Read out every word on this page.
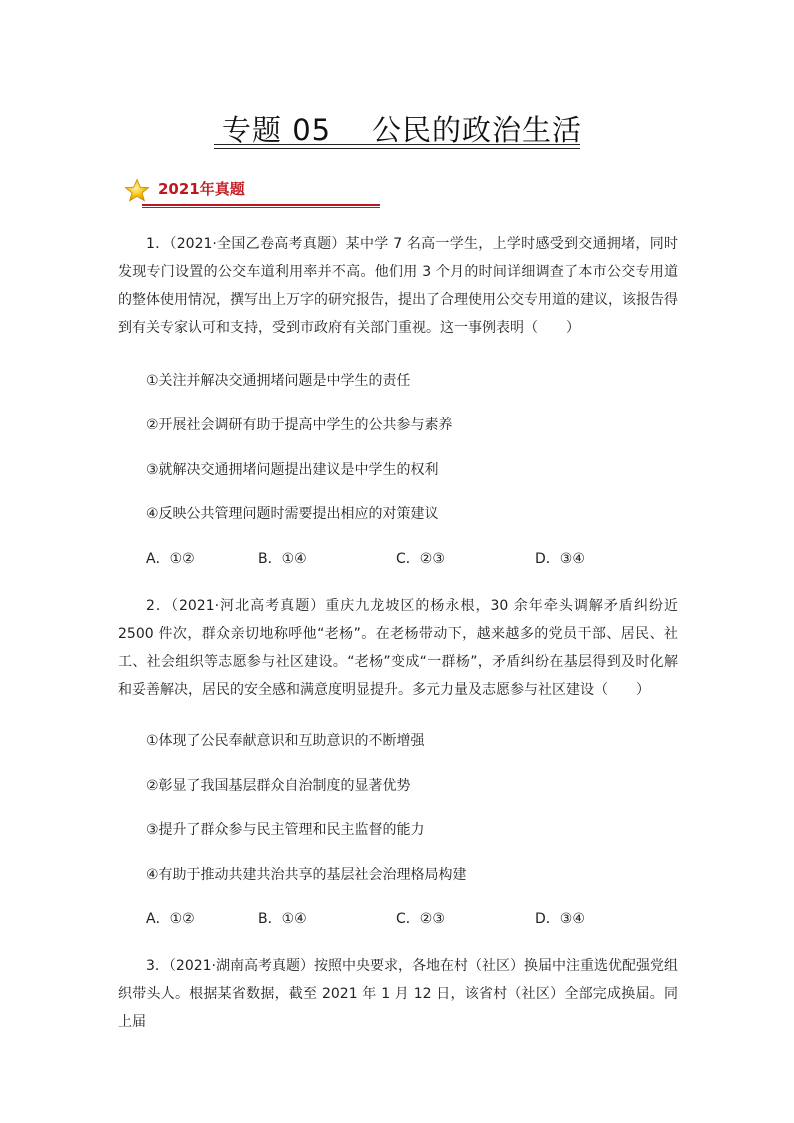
专题 05    公民的政治生活
2021年真题
1．（2021·全国乙卷高考真题）某中学 7 名高一学生，上学时感受到交通拥堵，同时发现专门设置的公交车道利用率并不高。他们用 3 个月的时间详细调查了本市公交专用道的整体使用情况，撰写出上万字的研究报告，提出了合理使用公交专用道的建议，该报告得到有关专家认可和支持，受到市政府有关部门重视。这一事例表明（　　）
①关注并解决交通拥堵问题是中学生的责任
②开展社会调研有助于提高中学生的公共参与素养
③就解决交通拥堵问题提出建议是中学生的权利
④反映公共管理问题时需要提出相应的对策建议
A．①②	B．①④	C．②③	D．③④
2．（2021·河北高考真题）重庆九龙坡区的杨永根，30 余年牵头调解矛盾纠纷近 2500 件次，群众亲切地称呼他“老杨”。在老杨带动下，越来越多的党员干部、居民、社工、社会组织等志愿参与社区建设。“老杨”变成“一群杨”，矛盾纠纷在基层得到及时化解和妥善解决，居民的安全感和满意度明显提升。多元力量及志愿参与社区建设（　　）
①体现了公民奉献意识和互助意识的不断增强
②彰显了我国基层群众自治制度的显著优势
③提升了群众参与民主管理和民主监督的能力
④有助于推动共建共治共享的基层社会治理格局构建
A．①②	B．①④	C．②③	D．③④
3．（2021·湖南高考真题）按照中央要求，各地在村（社区）换届中注重选优配强党组织带头人。根据某省数据，截至 2021 年 1 月 12 日，该省村（社区）全部完成换届。同上届
